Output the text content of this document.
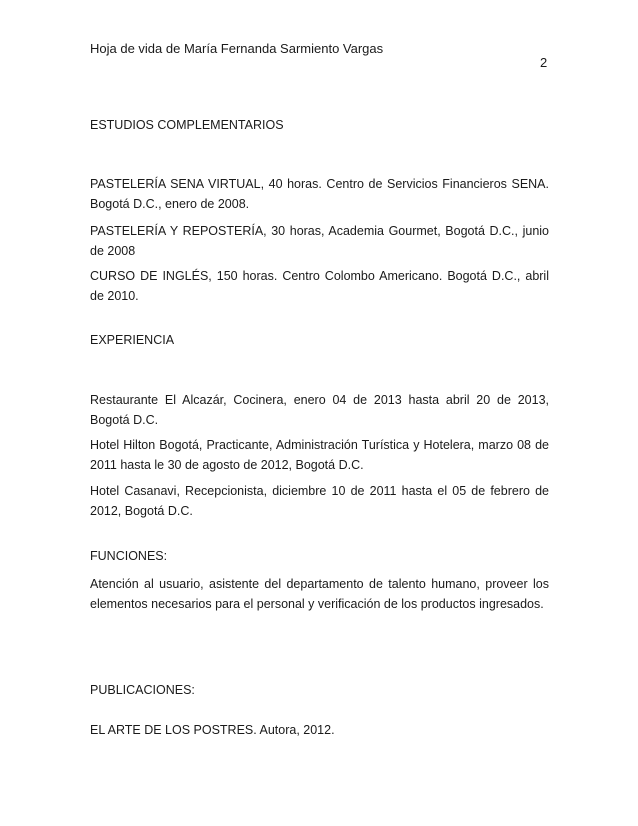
Hoja de vida de María Fernanda Sarmiento Vargas
2
ESTUDIOS COMPLEMENTARIOS
PASTELERÍA SENA VIRTUAL, 40 horas. Centro de Servicios Financieros SENA. Bogotá D.C., enero de 2008.
PASTELERÍA Y REPOSTERÍA, 30 horas, Academia Gourmet, Bogotá D.C., junio de 2008
CURSO DE INGLÉS, 150 horas. Centro Colombo Americano. Bogotá D.C., abril de 2010.
EXPERIENCIA
Restaurante El Alcazár, Cocinera, enero 04 de 2013 hasta abril 20 de 2013, Bogotá D.C.
Hotel Hilton Bogotá, Practicante, Administración Turística y Hotelera, marzo 08 de 2011 hasta le 30 de agosto de 2012, Bogotá D.C.
Hotel Casanavi, Recepcionista, diciembre 10 de 2011 hasta el 05 de febrero de 2012, Bogotá D.C.
FUNCIONES:
Atención al usuario, asistente del departamento de talento humano, proveer los elementos necesarios para el personal y verificación de los productos ingresados.
PUBLICACIONES:
EL ARTE DE LOS POSTRES. Autora, 2012.
